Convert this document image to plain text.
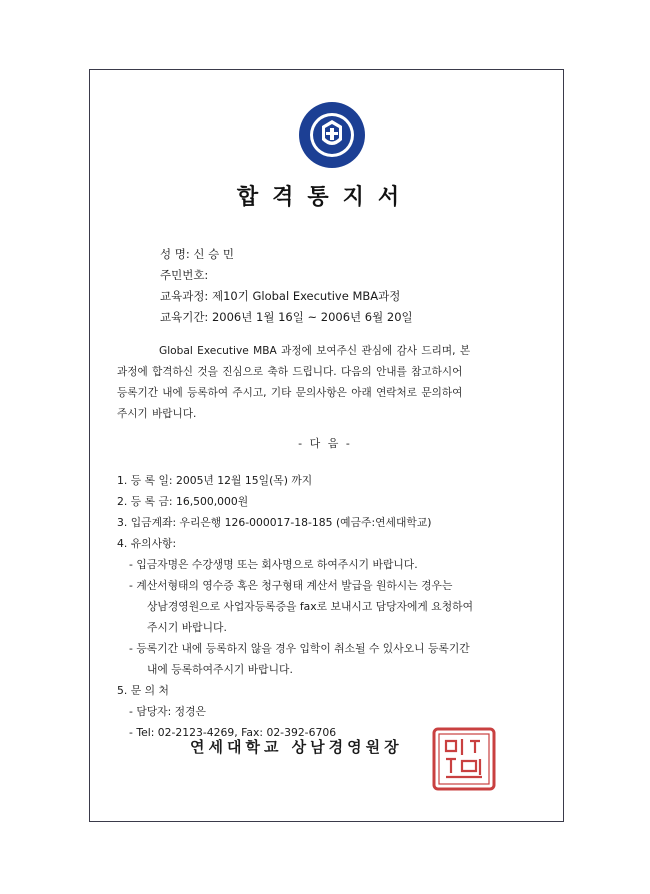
합격통지서
성 명: 신 승 민
주민번호:
교육과정: 제10기 Global Executive MBA과정
교육기간: 2006년 1월 16일 ~ 2006년 6월 20일
Global Executive MBA 과정에 보여주신 관심에 감사 드리며, 본
과정에 합격하신 것을 진심으로 축하 드립니다. 다음의 안내를 참고하시어
등록기간 내에 등록하여 주시고, 기타 문의사항은 아래 연락처로 문의하여
주시기 바랍니다.
- 다 음 -
1. 등 록 일: 2005년 12월 15일(목) 까지
2. 등 록 금: 16,500,000원
3. 입금계좌: 우리은행 126-000017-18-185 (예금주:연세대학교)
4. 유의사항:
- 입금자명은 수강생명 또는 회사명으로 하여주시기 바랍니다.
- 계산서형태의 영수증 혹은 청구형태 계산서 발급을 원하시는 경우는
상남경영원으로 사업자등록증을 fax로 보내시고 담당자에게 요청하여
주시기 바랍니다.
- 등록기간 내에 등록하지 않을 경우 입학이 취소될 수 있사오니 등록기간
내에 등록하여주시기 바랍니다.
5. 문 의 처
- 담당자: 정경은
- Tel: 02-2123-4269, Fax: 02-392-6706
연세대학교 상남경영원장
